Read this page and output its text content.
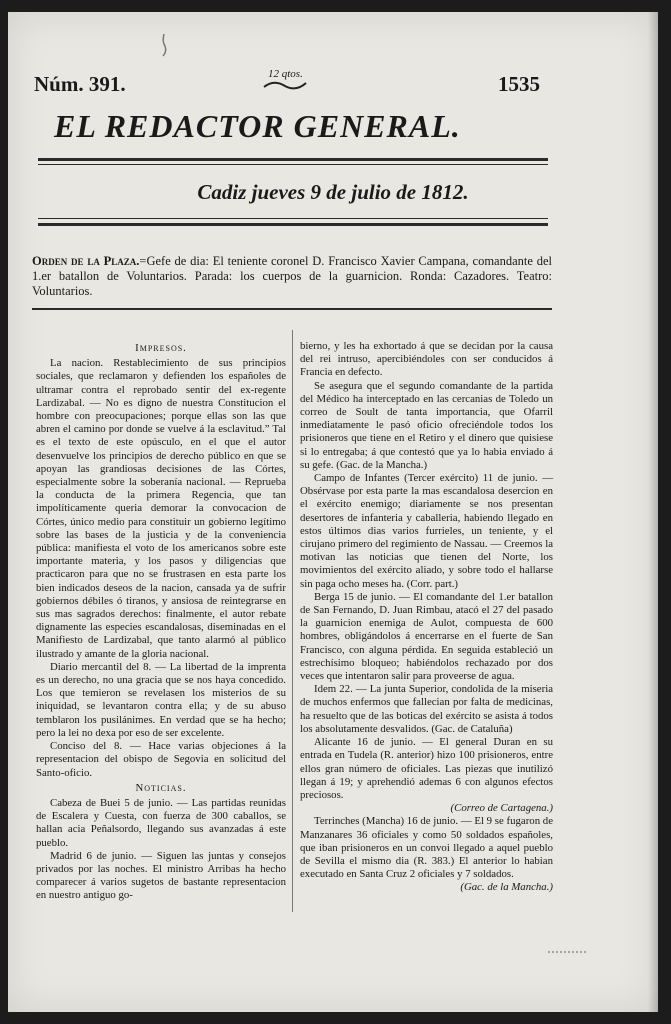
Núm. 391.	12 qtos.	1535
EL REDACTOR GENERAL.
Cadiz jueves 9 de julio de 1812.
Orden de la Plaza.=Gefe de dia: El teniente coronel D. Francisco Xavier Campana, comandante del 1.er batallon de Voluntarios. Parada: los cuerpos de la guarnicion. Ronda: Cazadores. Teatro: Voluntarios.

Impresos.

La nacion. Restablecimiento de sus principios sociales, que reclamaron y defienden los españoles de ultramar contra el reprobado sentir del ex-regente Lardizabal. — No es digno de nuestra Constitucion el hombre con preocupaciones; porque ellas son las que abren el camino por donde se vuelve á la esclavitud.” Tal es el texto de este opúsculo, en el que el autor desenvuelve los principios de derecho público en que se apoyan las grandiosas decisiones de las Córtes, especialmente sobre la soberanía nacional. — Reprueba la conducta de la primera Regencia, que tan impolíticamente queria demorar la convocacion de Córtes, único medio para constituir un gobierno legítimo sobre las bases de la justicia y de la conveniencia pública: manifiesta el voto de los americanos sobre este importante materia, y los pasos y diligencias que practicaron para que no se frustrasen en esta parte los bien indicados deseos de la nacion, cansada ya de sufrir gobiernos débiles ó tiranos, y ansiosa de reintegrarse en sus mas sagrados derechos: finalmente, el autor rebate dignamente las especies escandalosas, diseminadas en el Manifiesto de Lardizabal, que tanto alarmó al público ilustrado y amante de la gloria nacional.

Diario mercantil del 8. — La libertad de la imprenta es un derecho, no una gracia que se nos haya concedido. Los que temieron se revelasen los misterios de su iniquidad, se levantaron contra ella; y de su abuso temblaron los pusilánimes. En verdad que se ha hecho; pero la lei no dexa por eso de ser excelente.

Conciso del 8. — Hace varias objeciones á la representacion del obispo de Segovia en solicitud del Santo-oficio.

Noticias.

Cabeza de Buei 5 de junio. — Las partidas reunidas de Escalera y Cuesta, con fuerza de 300 caballos, se hallan acia Peñalsordo, llegando sus avanzadas á este pueblo.

Madrid 6 de junio. — Siguen las juntas y consejos privados por las noches. El ministro Arribas ha hecho comparecer á varios sugetos de bastante representacion en nuestro antiguo go-

bierno, y les ha exhortado á que se decidan por la causa del rei intruso, apercibiéndoles con ser conducidos á Francia en defecto.

Se asegura que el segundo comandante de la partida del Médico ha interceptado en las cercanias de Toledo un correo de Soult de tanta importancia, que Ofarril inmediatamente le pasó oficio ofreciéndole todos los prisioneros que tiene en el Retiro y el dinero que quisiese si lo entregaba; á que contestó que ya lo habia enviado á su gefe. (Gac. de la Mancha.)

Campo de Infantes (Tercer exército) 11 de junio. — Obsérvase por esta parte la mas escandalosa desercion en el exército enemigo; diariamente se nos presentan desertores de infanteria y caballeria, habiendo llegado en estos últimos dias varios furrieles, un teniente, y el cirujano primero del regimiento de Nassau. — Creemos la motivan las noticias que tienen del Norte, los movimientos del exército aliado, y sobre todo el hallarse sin paga ocho meses ha. (Corr. part.)

Berga 15 de junio. — El comandante del 1.er batallon de San Fernando, D. Juan Rimbau, atacó el 27 del pasado la guarnicion enemiga de Aulot, compuesta de 600 hombres, obligándolos á encerrarse en el fuerte de San Francisco, con alguna pérdida. En seguida estableció un estrechísimo bloqueo; habiéndolos rechazado por dos veces que intentaron salir para proveerse de agua.

Idem 22. — La junta Superior, condolida de la miseria de muchos enfermos que fallecian por falta de medicinas, ha resuelto que de las boticas del exército se asista á todos los absolutamente desvalidos. (Gac. de Cataluña)

Alicante 16 de junio. — El general Duran en su entrada en Tudela (R. anterior) hizo 100 prisioneros, entre ellos gran número de oficiales. Las piezas que inutilizó llegan á 19; y aprehendió ademas 6 con algunos efectos preciosos.

(Correo de Cartagena.)

Terrinches (Mancha) 16 de junio. — El 9 se fugaron de Manzanares 36 oficiales y como 50 soldados españoles, que iban prisioneros en un convoi llegado a aquel pueblo de Sevilla el mismo dia (R. 383.) El anterior lo habian executado en Santa Cruz 2 oficiales y 7 soldados.

(Gac. de la Mancha.)
